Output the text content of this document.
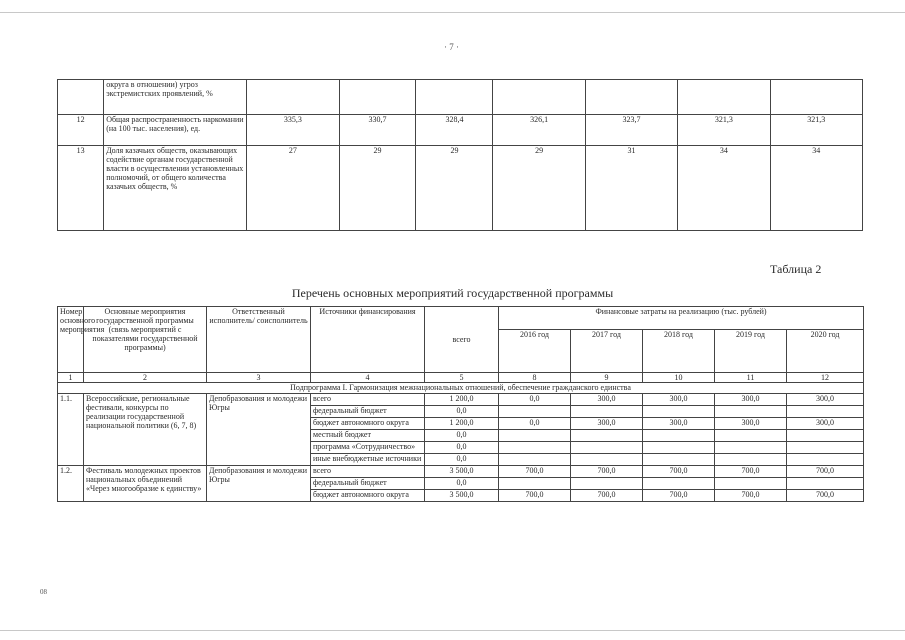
· 7 ·
	округа в отношении) угроз экстремистских проявлений, %							
12	Общая распространенность наркомании (на 100 тыс. населения), ед.	335,3	330,7	328,4	326,1	323,7	321,3	321,3
13	Доля казачьих обществ, оказывающих содействие органам государственной власти в осуществлении установленных полномочий, от общего количества казачьих обществ, %	27	29	29	29	31	34	34
Таблица 2
Перечень основных мероприятий государственной программы
Номер основного мероприятия	Основные мероприятия государственной программы (связь мероприятий с показателями государственной программы)	Ответственный исполнитель/ соисполнитель	Источники финансирования	всего	Финансовые затраты на реализацию (тыс. рублей)				
					2016 год	2017 год	2018 год	2019 год	2020 год
1	2	3	4	5	8	9	10	11	12
Подпрограмма I. Гармонизация межнациональных отношений, обеспечение гражданского единства									
1.1.	Всероссийские, региональные фестивали, конкурсы по реализации государственной национальной политики (6, 7, 8)	Депобразования и молодежи Югры	всего	1 200,0	0,0	300,0	300,0	300,0	300,0
			федеральный бюджет	0,0					
			бюджет автономного округа	1 200,0	0,0	300,0	300,0	300,0	300,0
			местный бюджет	0,0					
			программа «Сотрудничество»	0,0					
			иные внебюджетные источники	0,0					
1.2.	Фестиваль молодежных проектов национальных объединений «Через многообразие к единству»	Депобразования и молодежи Югры	всего	3 500,0	700,0	700,0	700,0	700,0	700,0
			федеральный бюджет	0,0					
			бюджет автономного округа	3 500,0	700,0	700,0	700,0	700,0	700,0
08
